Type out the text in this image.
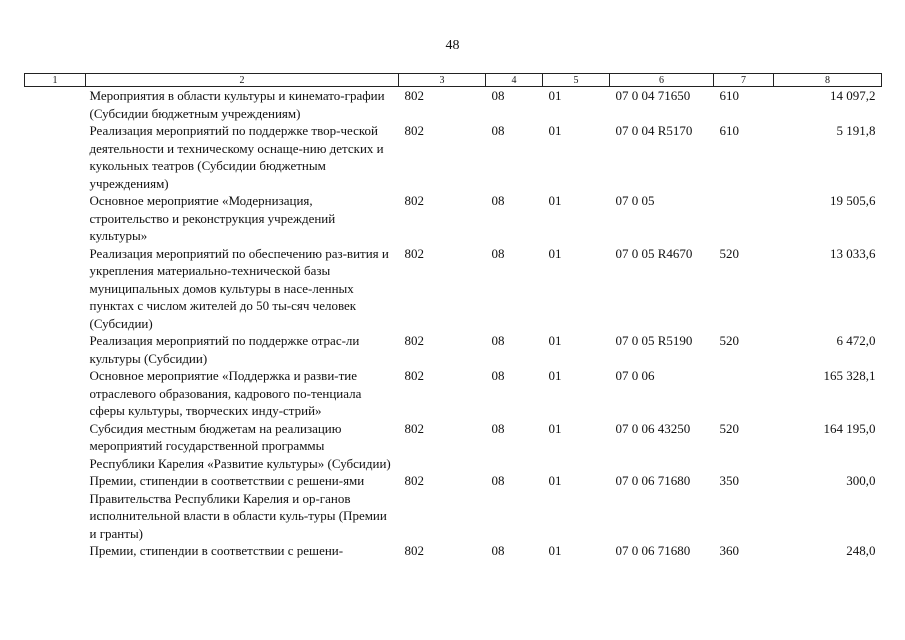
48
1	2	3	4	5	6	7	8
	Мероприятия в области культуры и кинемато-графии (Субсидии бюджетным учреждениям)	802	08	01	07 0 04 71650	610	14 097,2
	Реализация мероприятий по поддержке твор-ческой деятельности и техническому оснаще-нию детских и кукольных театров (Субсидии бюджетным учреждениям)	802	08	01	07 0 04 R5170	610	5 191,8
	Основное мероприятие «Модернизация, строительство и реконструкция учреждений культуры»	802	08	01	07 0 05		19 505,6
	Реализация мероприятий по обеспечению раз-вития и укрепления материально-технической базы муниципальных домов культуры в насе-ленных пунктах с числом жителей до 50 ты-сяч человек (Субсидии)	802	08	01	07 0 05 R4670	520	13 033,6
	Реализация мероприятий по поддержке отрас-ли культуры (Субсидии)	802	08	01	07 0 05 R5190	520	6 472,0
	Основное мероприятие «Поддержка и разви-тие отраслевого образования, кадрового по-тенциала сферы культуры, творческих инду-стрий»	802	08	01	07 0 06		165 328,1
	Субсидия местным бюджетам на реализацию мероприятий государственной программы Республики Карелия «Развитие культуры» (Субсидии)	802	08	01	07 0 06 43250	520	164 195,0
	Премии, стипендии в соответствии с решени-ями Правительства Республики Карелия и ор-ганов исполнительной власти в области куль-туры (Премии и гранты)	802	08	01	07 0 06 71680	350	300,0
	Премии, стипендии в соответствии с решени-	802	08	01	07 0 06 71680	360	248,0
